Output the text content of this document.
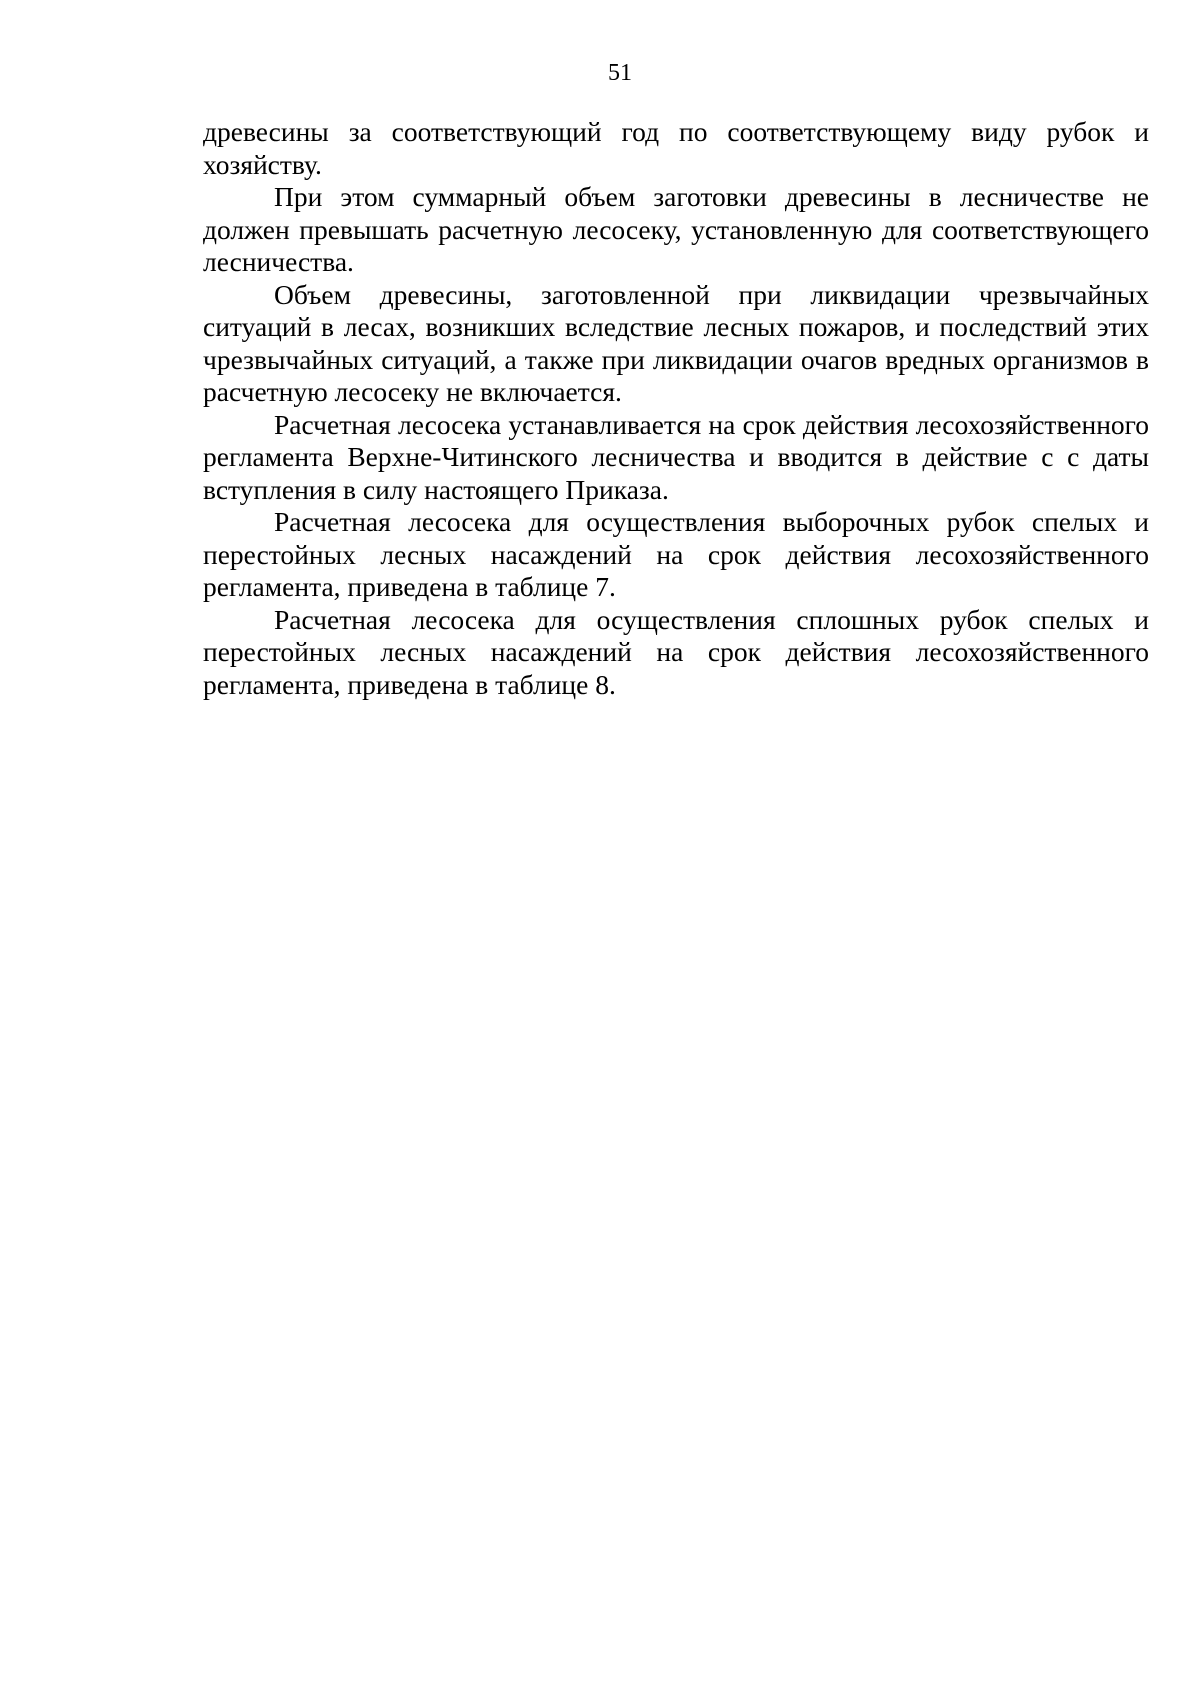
51

древесины за соответствующий год по соответствующему виду рубок и хозяйству.

При этом суммарный объем заготовки древесины в лесничестве не должен превышать расчетную лесосеку, установленную для соответствующего лесничества.

Объем древесины, заготовленной при ликвидации чрезвычайных ситуаций в лесах, возникших вследствие лесных пожаров, и последствий этих чрезвычайных ситуаций, а также при ликвидации очагов вредных организмов в расчетную лесосеку не включается.

Расчетная лесосека устанавливается на срок действия лесохозяйственного регламента Верхне-Читинского лесничества и вводится в действие с с даты вступления в силу настоящего Приказа.

Расчетная лесосека для осуществления выборочных рубок спелых и перестойных лесных насаждений на срок действия лесохозяйственного регламента, приведена в таблице 7.

Расчетная лесосека для осуществления сплошных рубок спелых и перестойных лесных насаждений на срок действия лесохозяйственного регламента, приведена в таблице 8.
